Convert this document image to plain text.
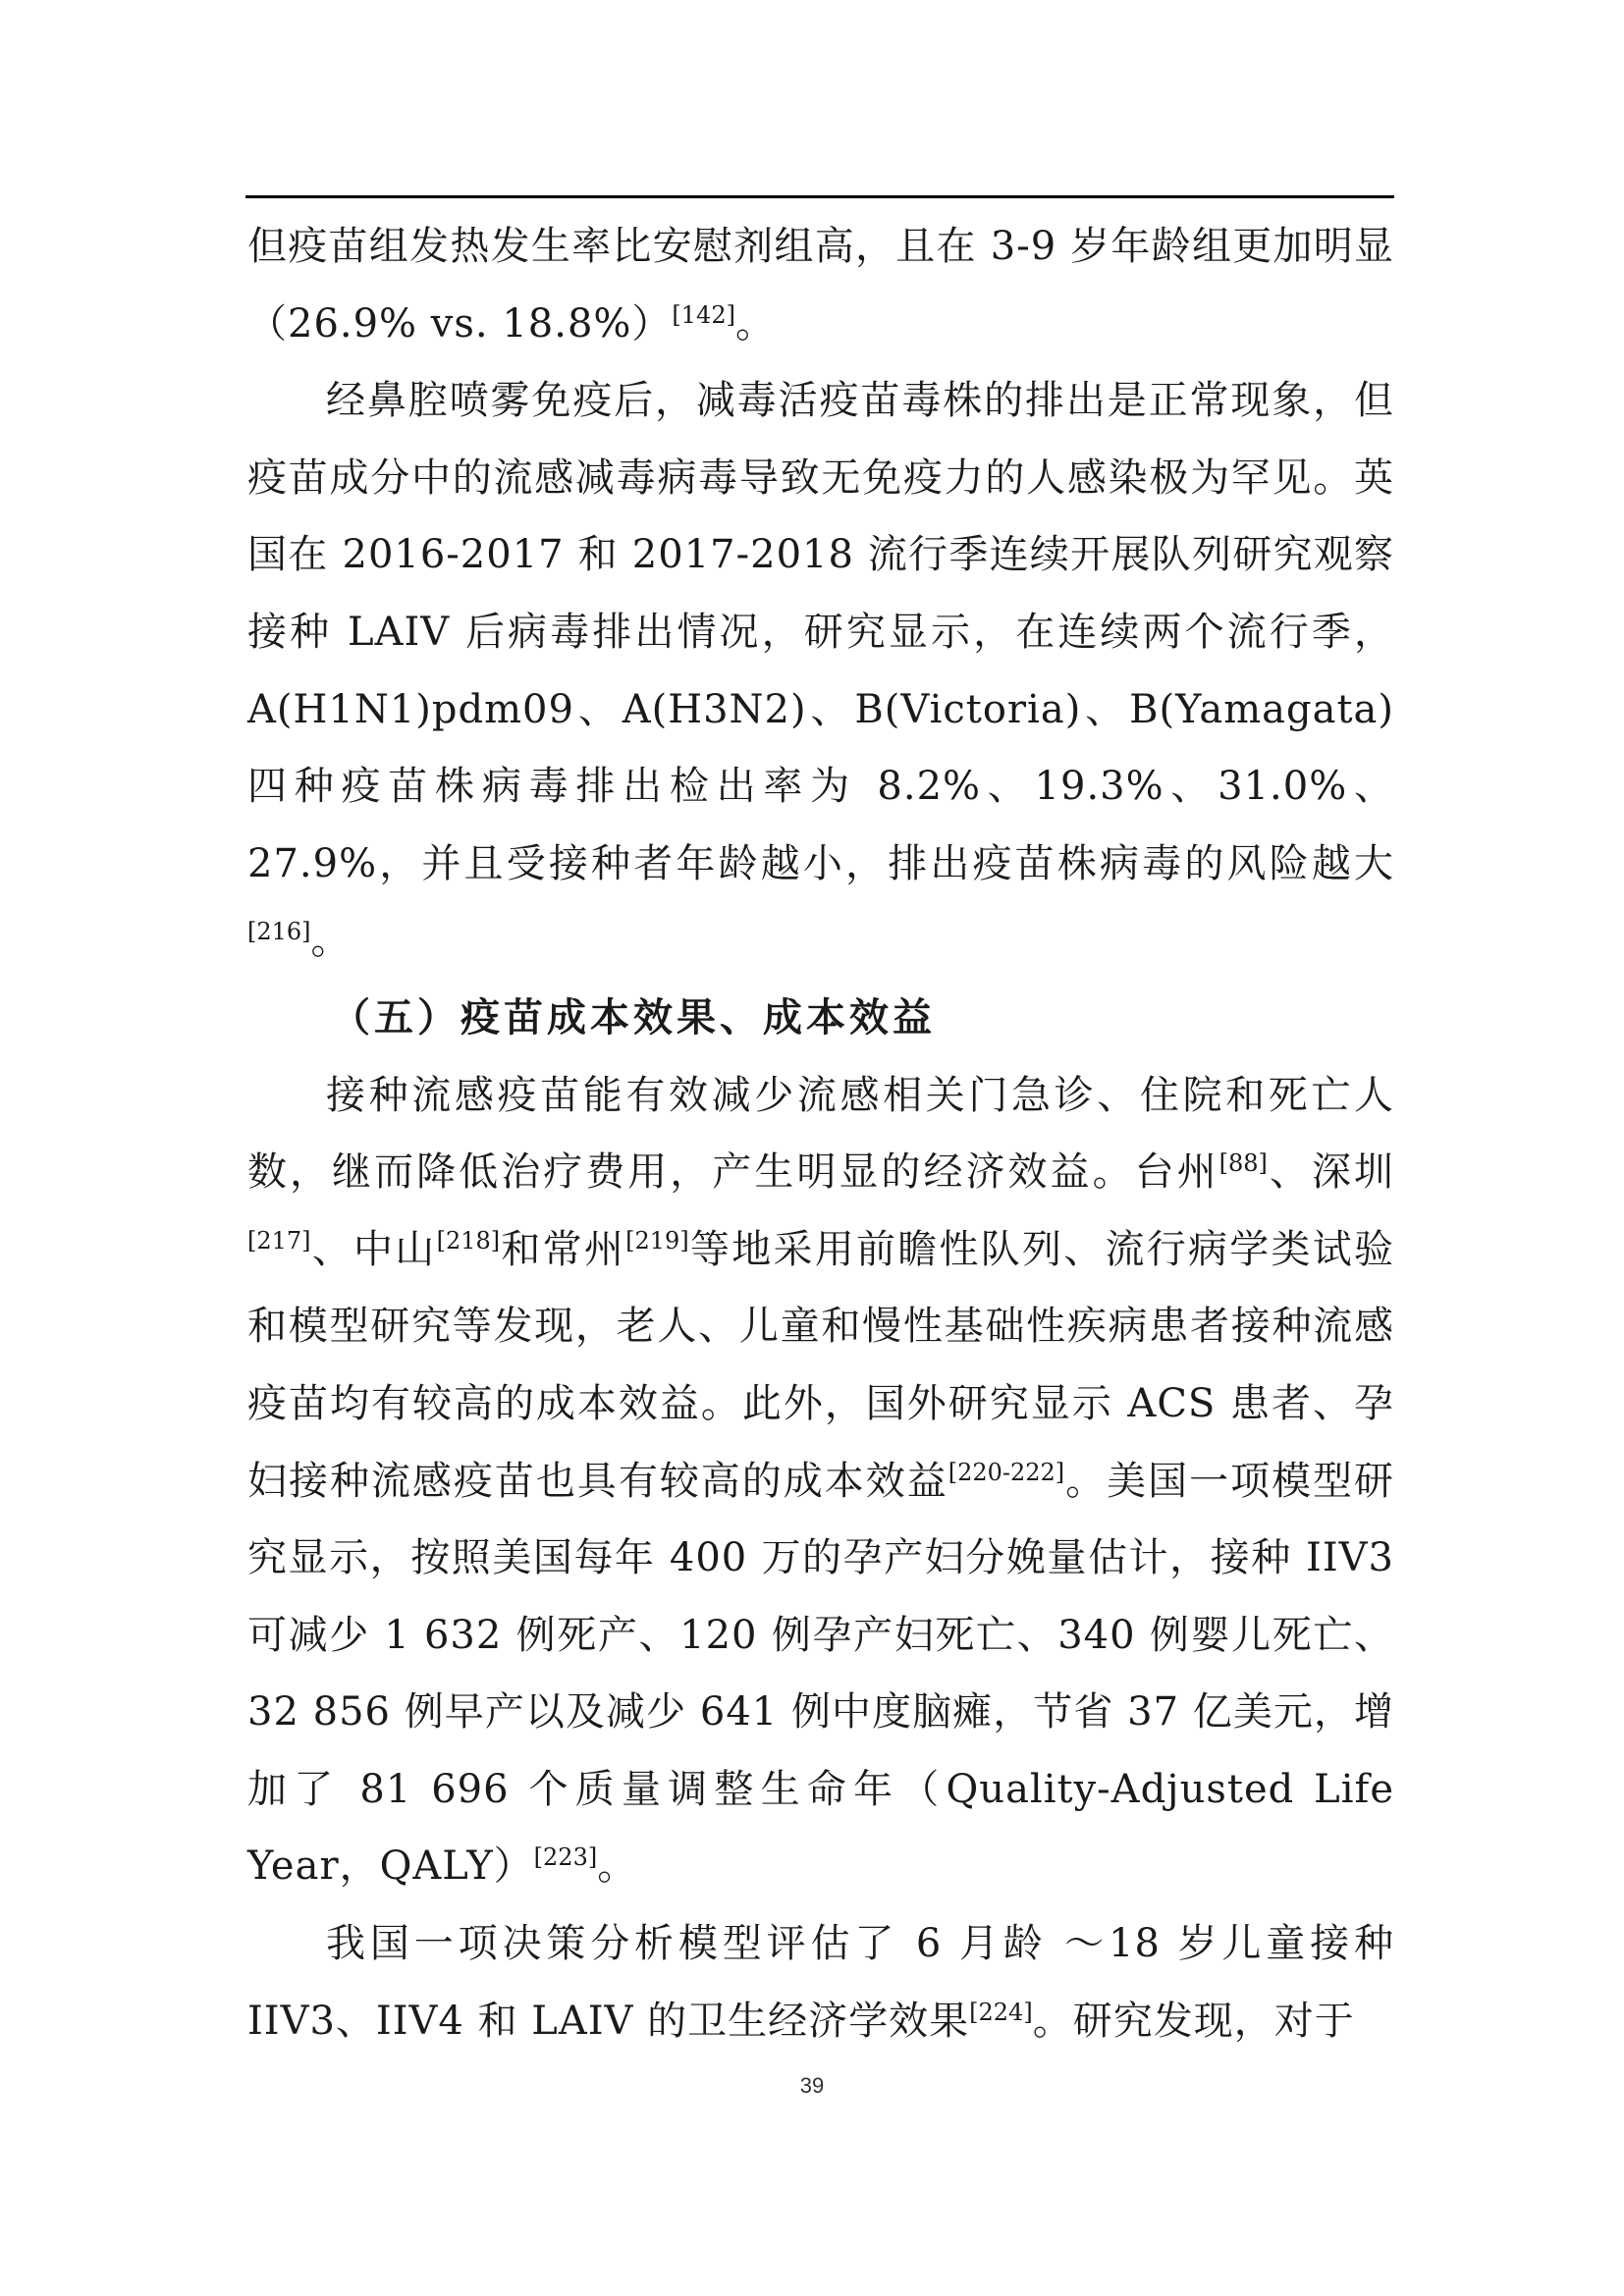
但疫苗组发热发生率比安慰剂组高，且在 3-9 岁年龄组更加明显（26.9% vs. 18.8%）[142]。

经鼻腔喷雾免疫后，减毒活疫苗毒株的排出是正常现象，但疫苗成分中的流感减毒病毒导致无免疫力的人感染极为罕见。英国在 2016-2017 和 2017-2018 流行季连续开展队列研究观察接种 LAIV 后病毒排出情况，研究显示，在连续两个流行季，A(H1N1)pdm09、A(H3N2)、B(Victoria)、B(Yamagata) 四种疫苗株病毒排出检出率为 8.2%、19.3%、31.0%、27.9%，并且受接种者年龄越小，排出疫苗株病毒的风险越大[216]。

（五）疫苗成本效果、成本效益

接种流感疫苗能有效减少流感相关门急诊、住院和死亡人数，继而降低治疗费用，产生明显的经济效益。台州[88]、深圳[217]、中山[218]和常州[219]等地采用前瞻性队列、流行病学类试验和模型研究等发现，老人、儿童和慢性基础性疾病患者接种流感疫苗均有较高的成本效益。此外，国外研究显示 ACS 患者、孕妇接种流感疫苗也具有较高的成本效益[220-222]。美国一项模型研究显示，按照美国每年 400 万的孕产妇分娩量估计，接种 IIV3 可减少 1 632 例死产、120 例孕产妇死亡、340 例婴儿死亡、32 856 例早产以及减少 641 例中度脑瘫，节省 37 亿美元，增加了 81 696 个质量调整生命年（Quality-Adjusted Life Year，QALY）[223]。

我国一项决策分析模型评估了 6 月龄 ～18 岁儿童接种 IIV3、IIV4 和 LAIV 的卫生经济学效果[224]。研究发现，对于

39
